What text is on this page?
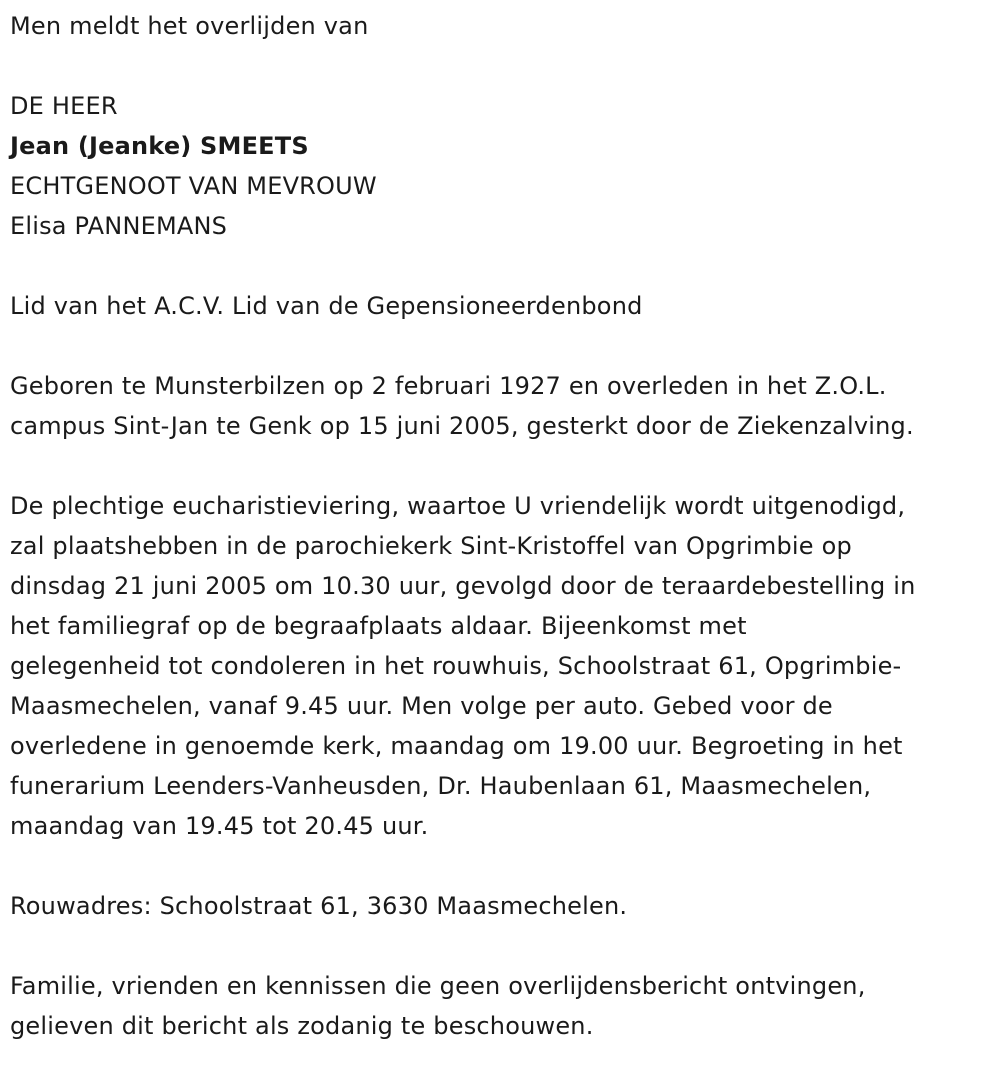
Men meldt het overlijden van
DE HEER
Jean (Jeanke) SMEETS
ECHTGENOOT VAN MEVROUW
Elisa PANNEMANS
Lid van het A.C.V. Lid van de Gepensioneerdenbond
Geboren te Munsterbilzen op 2 februari 1927 en overleden in het Z.O.L.
campus Sint-Jan te Genk op 15 juni 2005, gesterkt door de Ziekenzalving.
De plechtige eucharistieviering, waartoe U vriendelijk wordt uitgenodigd,
zal plaatshebben in de parochiekerk Sint-Kristoffel van Opgrimbie op
dinsdag 21 juni 2005 om 10.30 uur, gevolgd door de teraardebestelling in
het familiegraf op de begraafplaats aldaar. Bijeenkomst met
gelegenheid tot condoleren in het rouwhuis, Schoolstraat 61, Opgrimbie-
Maasmechelen, vanaf 9.45 uur. Men volge per auto. Gebed voor de
overledene in genoemde kerk, maandag om 19.00 uur. Begroeting in het
funerarium Leenders-Vanheusden, Dr. Haubenlaan 61, Maasmechelen,
maandag van 19.45 tot 20.45 uur.
Rouwadres: Schoolstraat 61, 3630 Maasmechelen.
Familie, vrienden en kennissen die geen overlijdensbericht ontvingen,
gelieven dit bericht als zodanig te beschouwen.
